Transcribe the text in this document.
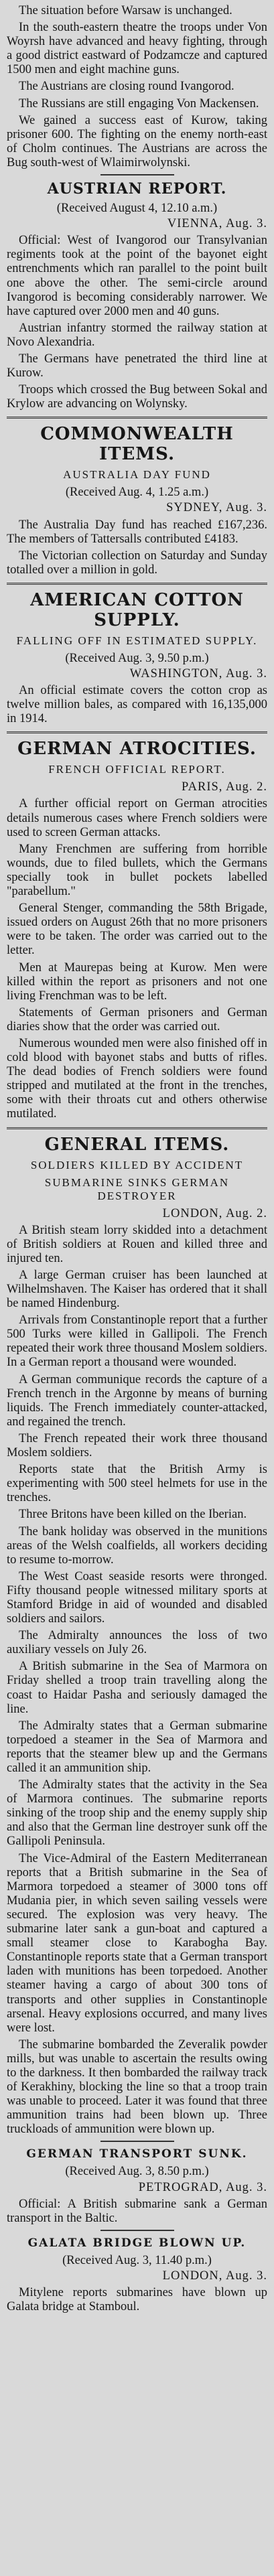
The situation before Warsaw is unchanged.

In the south-eastern theatre the troops under Von Woyrsh have advanced and heavy fighting, through a good district eastward of Podzamcze and captured 1500 men and eight machine guns.

The Austrians are closing round Ivangorod.

The Russians are still engaging Von Mackensen.

We gained a success east of Kurow, taking prisoner 600. The fighting on the enemy north-east of Cholm continues. The Austrians are across the Bug south-west of Wlaimirwolynski.

AUSTRIAN REPORT.

(Received August 4, 12.10 a.m.)

VIENNA, Aug. 3.

Official: West of Ivangorod our Transylvanian regiments took at the point of the bayonet eight entrenchments which ran parallel to the point built one above the other. The semi-circle around Ivangorod is becoming considerably narrower. We have captured over 2000 men and 40 guns.

Austrian infantry stormed the railway station at Novo Alexandria.

The Germans have penetrated the third line at Kurow.

Troops which crossed the Bug between Sokal and Krylow are advancing on Wolynsky.

COMMONWEALTH ITEMS.
AUSTRALIA DAY FUND

(Received Aug. 4, 1.25 a.m.)

SYDNEY, Aug. 3.

The Australia Day fund has reached £167,236. The members of Tattersalls contributed £4183.

The Victorian collection on Saturday and Sunday totalled over a million in gold.

AMERICAN COTTON SUPPLY.
FALLING OFF IN ESTIMATED SUPPLY.

(Received Aug. 3, 9.50 p.m.)

WASHINGTON, Aug. 3.

An official estimate covers the cotton crop as twelve million bales, as compared with 16,135,000 in 1914.

GERMAN ATROCITIES.
FRENCH OFFICIAL REPORT.

PARIS, Aug. 2.

A further official report on German atrocities details numerous cases where French soldiers were used to screen German attacks.

Many Frenchmen are suffering from horrible wounds, due to filed bullets, which the Germans specially took in bullet pockets labelled "parabellum."

General Stenger, commanding the 58th Brigade, issued orders on August 26th that no more prisoners were to be taken. The order was carried out to the letter.

Men at Maurepas being at Kurow. Men were killed within the report as prisoners and not one living Frenchman was to be left.

Statements of German prisoners and German diaries show that the order was carried out.

Numerous wounded men were also finished off in cold blood with bayonet stabs and butts of rifles. The dead bodies of French soldiers were found stripped and mutilated at the front in the trenches, some with their throats cut and others otherwise mutilated.

GENERAL ITEMS.
SOLDIERS KILLED BY ACCIDENT
SUBMARINE SINKS GERMAN DESTROYER

LONDON, Aug. 2.

A British steam lorry skidded into a detachment of British soldiers at Rouen and killed three and injured ten.

A large German cruiser has been launched at Wilhelmshaven. The Kaiser has ordered that it shall be named Hindenburg.

Arrivals from Constantinople report that a further 500 Turks were killed in Gallipoli. The French repeated their work three thousand Moslem soldiers. In a German report a thousand were wounded.

A German communique records the capture of a French trench in the Argonne by means of burning liquids. The French immediately counter-attacked, and regained the trench.

The French repeated their work three thousand Moslem soldiers.

Reports state that the British Army is experimenting with 500 steel helmets for use in the trenches.

Three Britons have been killed on the Iberian.

The bank holiday was observed in the munitions areas of the Welsh coalfields, all workers deciding to resume to-morrow.

The West Coast seaside resorts were thronged. Fifty thousand people witnessed military sports at Stamford Bridge in aid of wounded and disabled soldiers and sailors.

The Admiralty announces the loss of two auxiliary vessels on July 26.

A British submarine in the Sea of Marmora on Friday shelled a troop train travelling along the coast to Haidar Pasha and seriously damaged the line.

The Admiralty states that a German submarine torpedoed a steamer in the Sea of Marmora and reports that the steamer blew up and the Germans called it an ammunition ship.

The Admiralty states that the activity in the Sea of Marmora continues. The submarine reports sinking of the troop ship and the enemy supply ship and also that the German line destroyer sunk off the Gallipoli Peninsula.

The Vice-Admiral of the Eastern Mediterranean reports that a British submarine in the Sea of Marmora torpedoed a steamer of 3000 tons off Mudania pier, in which seven sailing vessels were secured. The explosion was very heavy. The submarine later sank a gun-boat and captured a small steamer close to Karabogha Bay. Constantinople reports state that a German transport laden with munitions has been torpedoed. Another steamer having a cargo of about 300 tons of transports and other supplies in Constantinople arsenal. Heavy explosions occurred, and many lives were lost.

The submarine bombarded the Zeveralik powder mills, but was unable to ascertain the results owing to the darkness. It then bombarded the railway track of Kerakhiny, blocking the line so that a troop train was unable to proceed. Later it was found that three ammunition trains had been blown up. Three truckloads of ammunition were blown up.

GERMAN TRANSPORT SUNK.

(Received Aug. 3, 8.50 p.m.)

PETROGRAD, Aug. 3.

Official: A British submarine sank a German transport in the Baltic.

GALATA BRIDGE BLOWN UP.

(Received Aug. 3, 11.40 p.m.)

LONDON, Aug. 3.

Mitylene reports submarines have blown up Galata bridge at Stamboul.
